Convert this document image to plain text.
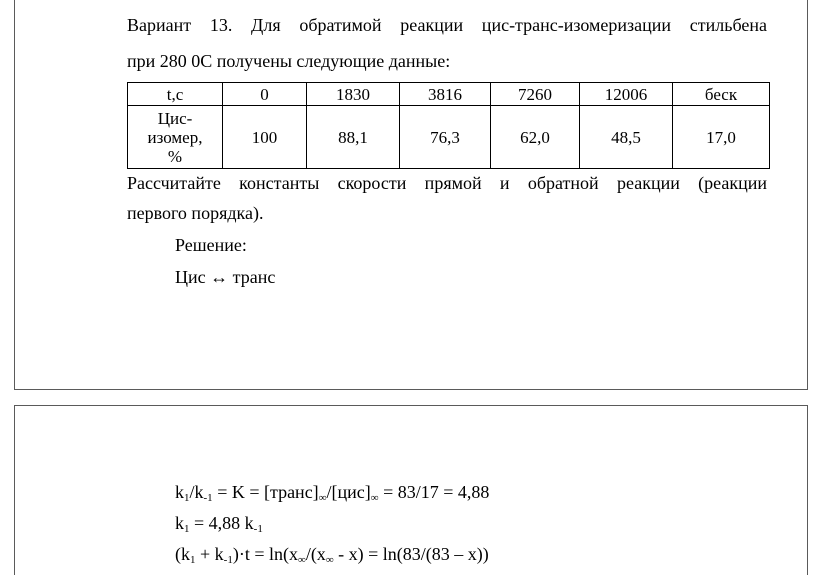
Вариант 13. Для обратимой реакции цис-транс-изомеризации стильбена
при 280 0С получены следующие данные:
t,c	0	1830	3816	7260	12006	беск

Цис-
изомер,
%	100	88,1	76,3	62,0	48,5	17,0
Рассчитайте константы скорости прямой и обратной реакции (реакции
первого порядка).
Решение:
Цис ↔ транс
$k_1/k_{-1} = K$ = $[транс]_\infty/[цис]_\infty = 83/17 = 4,88$
$k_1 = 4,88$ $k_{-1}$
$(k_1 + k_{-1})\cdot t = \ln(x_\infty/(x_\infty - x) = \ln(83/(83 - x))$
